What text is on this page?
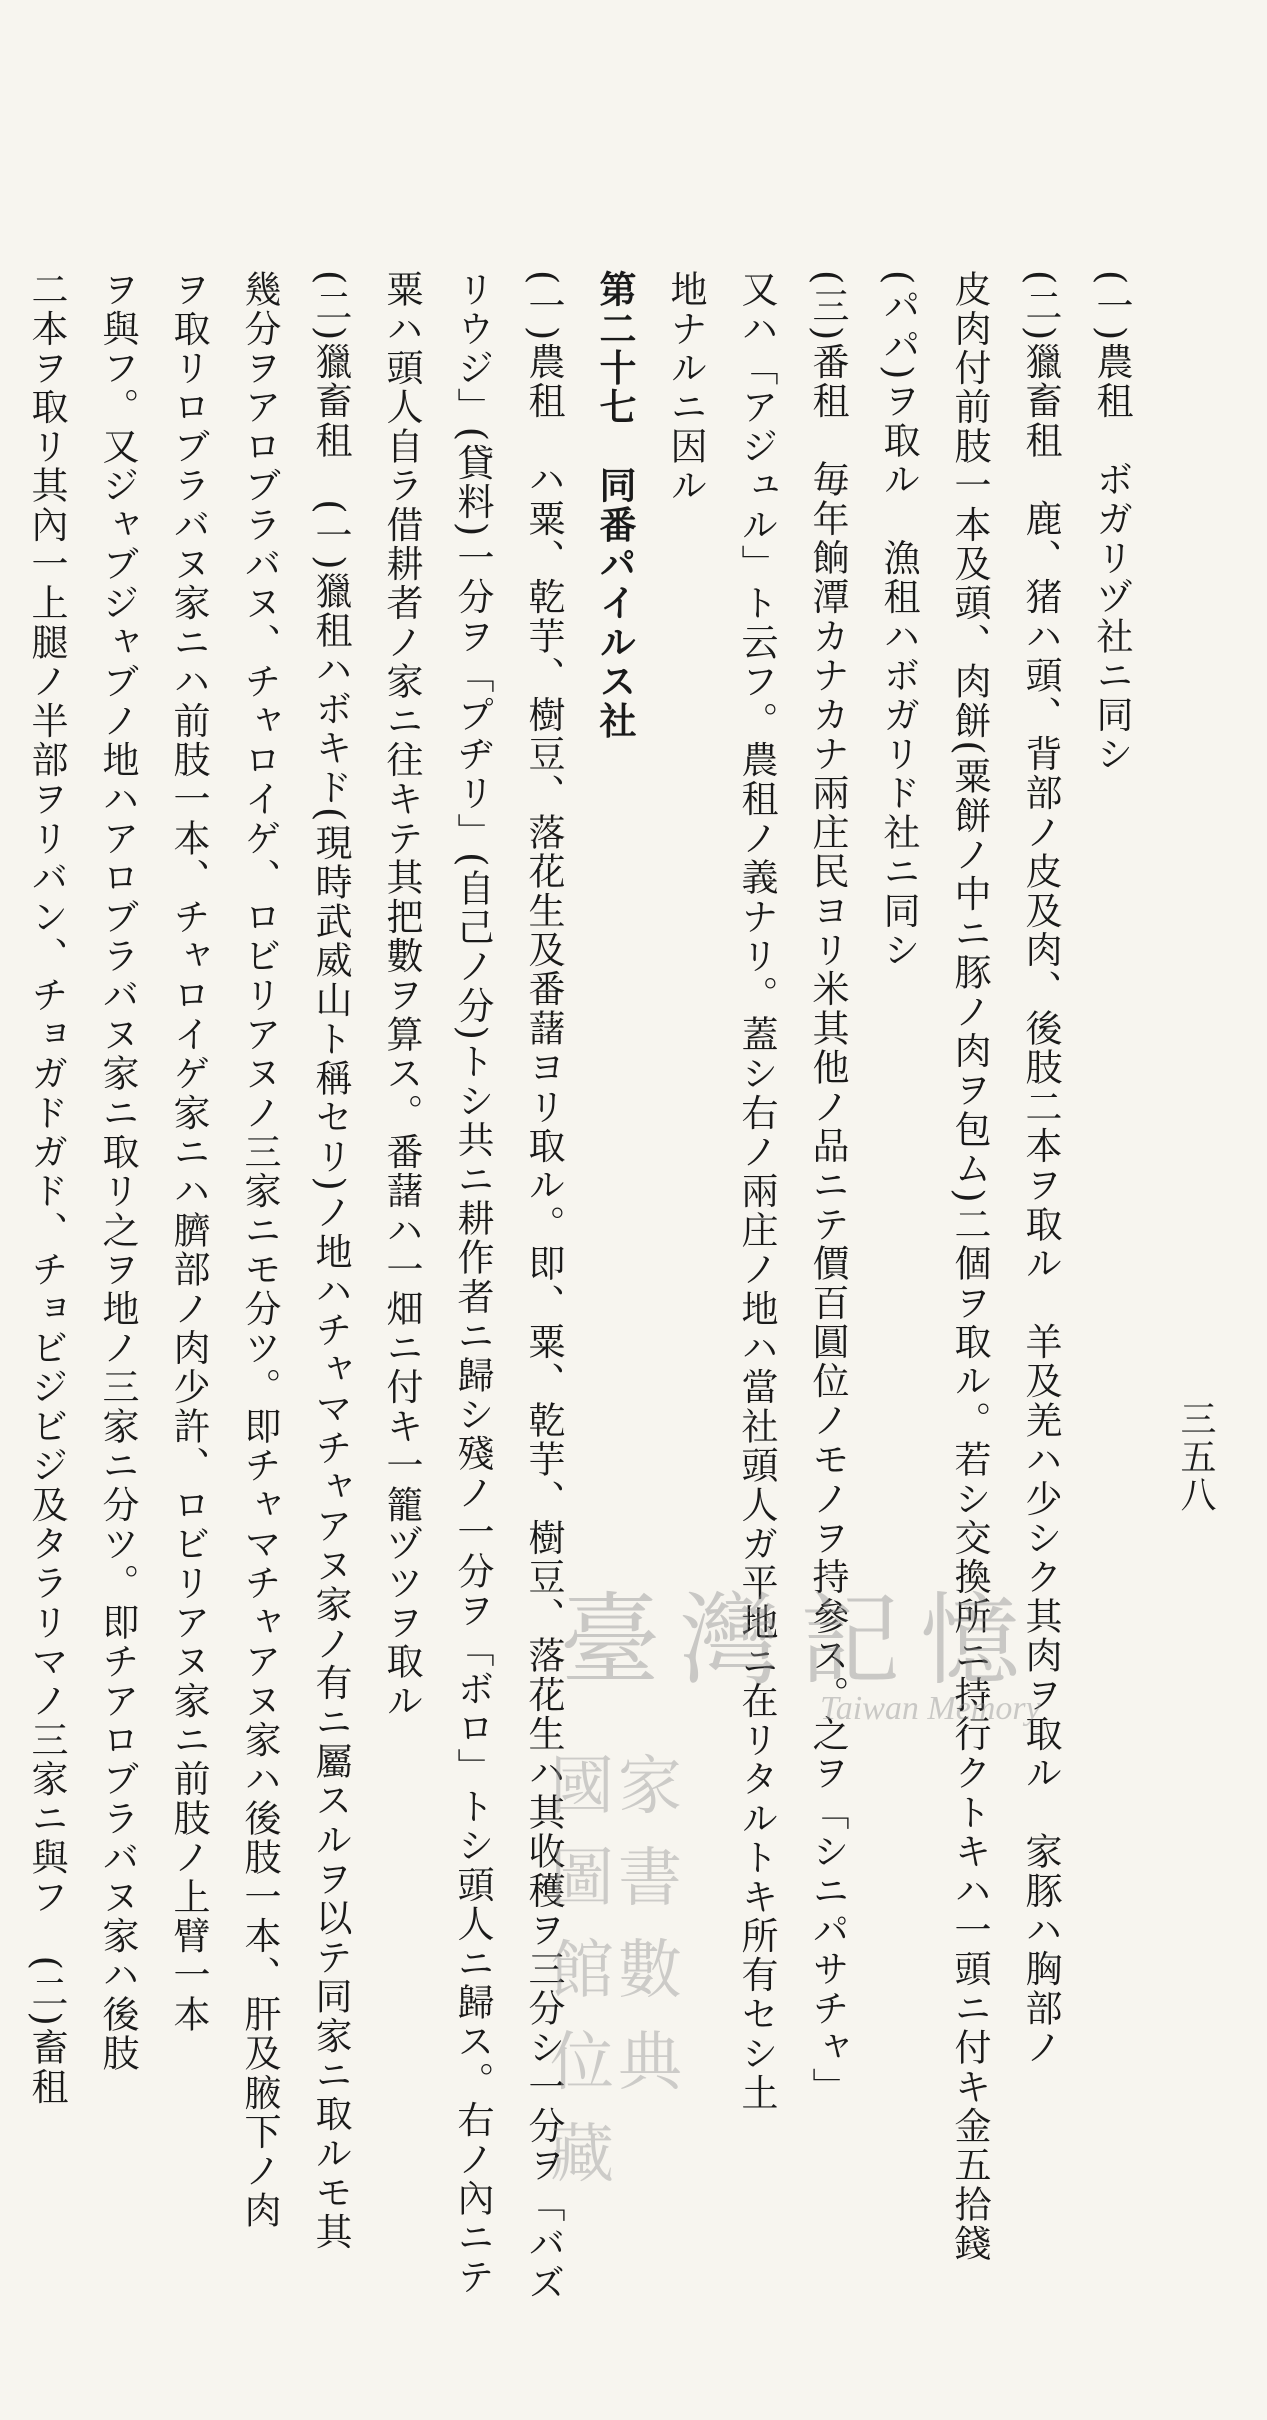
三五八
(一)農租　ボガリヅ社ニ同シ
(二)獵畜租　鹿、猪ハ頭、背部ノ皮及肉、後肢二本ヲ取ル　羊及羌ハ少シク其肉ヲ取ル　家豚ハ胸部ノ
皮肉付前肢一本及頭、肉餅(粟餅ノ中ニ豚ノ肉ヲ包ム)二個ヲ取ル。若シ交換所ニ持行クトキハ一頭ニ付キ金五拾錢
(パパ)ヲ取ル　漁租ハボガリド社ニ同シ
(三)番租　毎年餉潭カナカナ兩庄民ヨリ米其他ノ品ニテ價百圓位ノモノヲ持參ス。之ヲ「シニパサチャ」
又ハ「アジュル」ト云フ。農租ノ義ナリ。蓋シ右ノ兩庄ノ地ハ當社頭人ガ平地ニ在リタルトキ所有セシ土
地ナルニ因ル
第二十七　同番パイルス社
(一)農租　ハ粟、乾芋、樹豆、落花生及番藷ヨリ取ル。即、粟、乾芋、樹豆、落花生ハ其收穫ヲ三分シ一分ヲ「バズ
リウジ」(貸料)一分ヲ「プヂリ」(自己ノ分)トシ共ニ耕作者ニ歸シ殘ノ一分ヲ「ボロ」トシ頭人ニ歸ス。右ノ內ニテ
粟ハ頭人自ラ借耕者ノ家ニ往キテ其把數ヲ算ス。番藷ハ一畑ニ付キ一籠ヅツヲ取ル
(二)獵畜租　(一)獵租ハボキド(現時武威山ト稱セリ)ノ地ハチャマチャアヌ家ノ有ニ屬スルヲ以テ同家ニ取ルモ其
幾分ヲアロブラバヌ、チャロイゲ、ロビリアヌノ三家ニモ分ツ。即チャマチャアヌ家ハ後肢一本、肝及腋下ノ肉
ヲ取リロブラバヌ家ニハ前肢一本、チャロイゲ家ニハ臍部ノ肉少許、ロビリアヌ家ニ前肢ノ上臂一本
ヲ與フ。又ジャブジャブノ地ハアロブラバヌ家ニ取リ之ヲ地ノ三家ニ分ツ。即チアロブラバヌ家ハ後肢
二本ヲ取リ其內一上腿ノ半部ヲリバン、チョガドガド、チョビジビジ及タラリマノ三家ニ與フ　(二)畜租	臺灣記憶
Taiwan Memory
國家圖書館數位典藏
